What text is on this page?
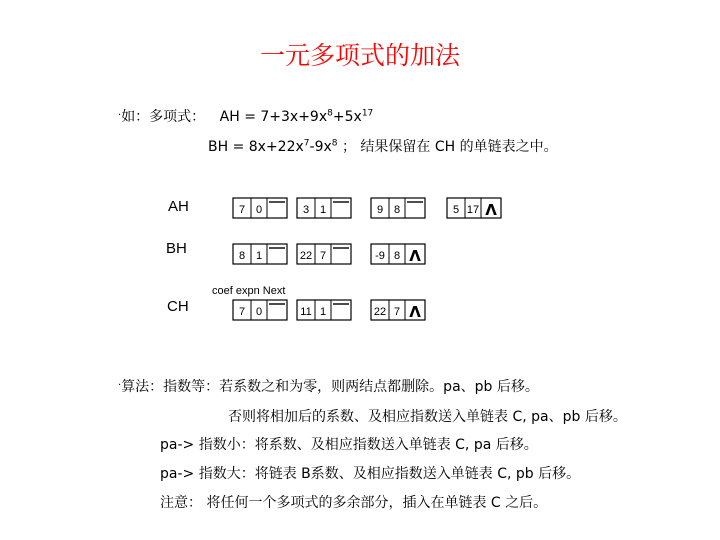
一元多项式的加法
·如：多项式： AH = $7+3x+9x^8+5x^{17}$
BH = $8x+22x^7-9x^8$ ； 结果保留在 CH 的单链表之中。
7 0	3 1	9 8	5 17 Λ
8 1	22 7	-9 8 Λ
7 0	11 1	22 7 Λ
AH
BH
CH
coef expn Next
·算法：指数等：若系数之和为零，则两结点都删除。pa、pb 后移。
否则将相加后的系数、及相应指数送入单链表 C, pa、pb 后移。
pa-> 指数小：将系数、及相应指数送入单链表 C, pa 后移。
pa-> 指数大：将链表 B系数、及相应指数送入单链表 C, pb 后移。
注意： 将任何一个多项式的多余部分，插入在单链表 C 之后。
